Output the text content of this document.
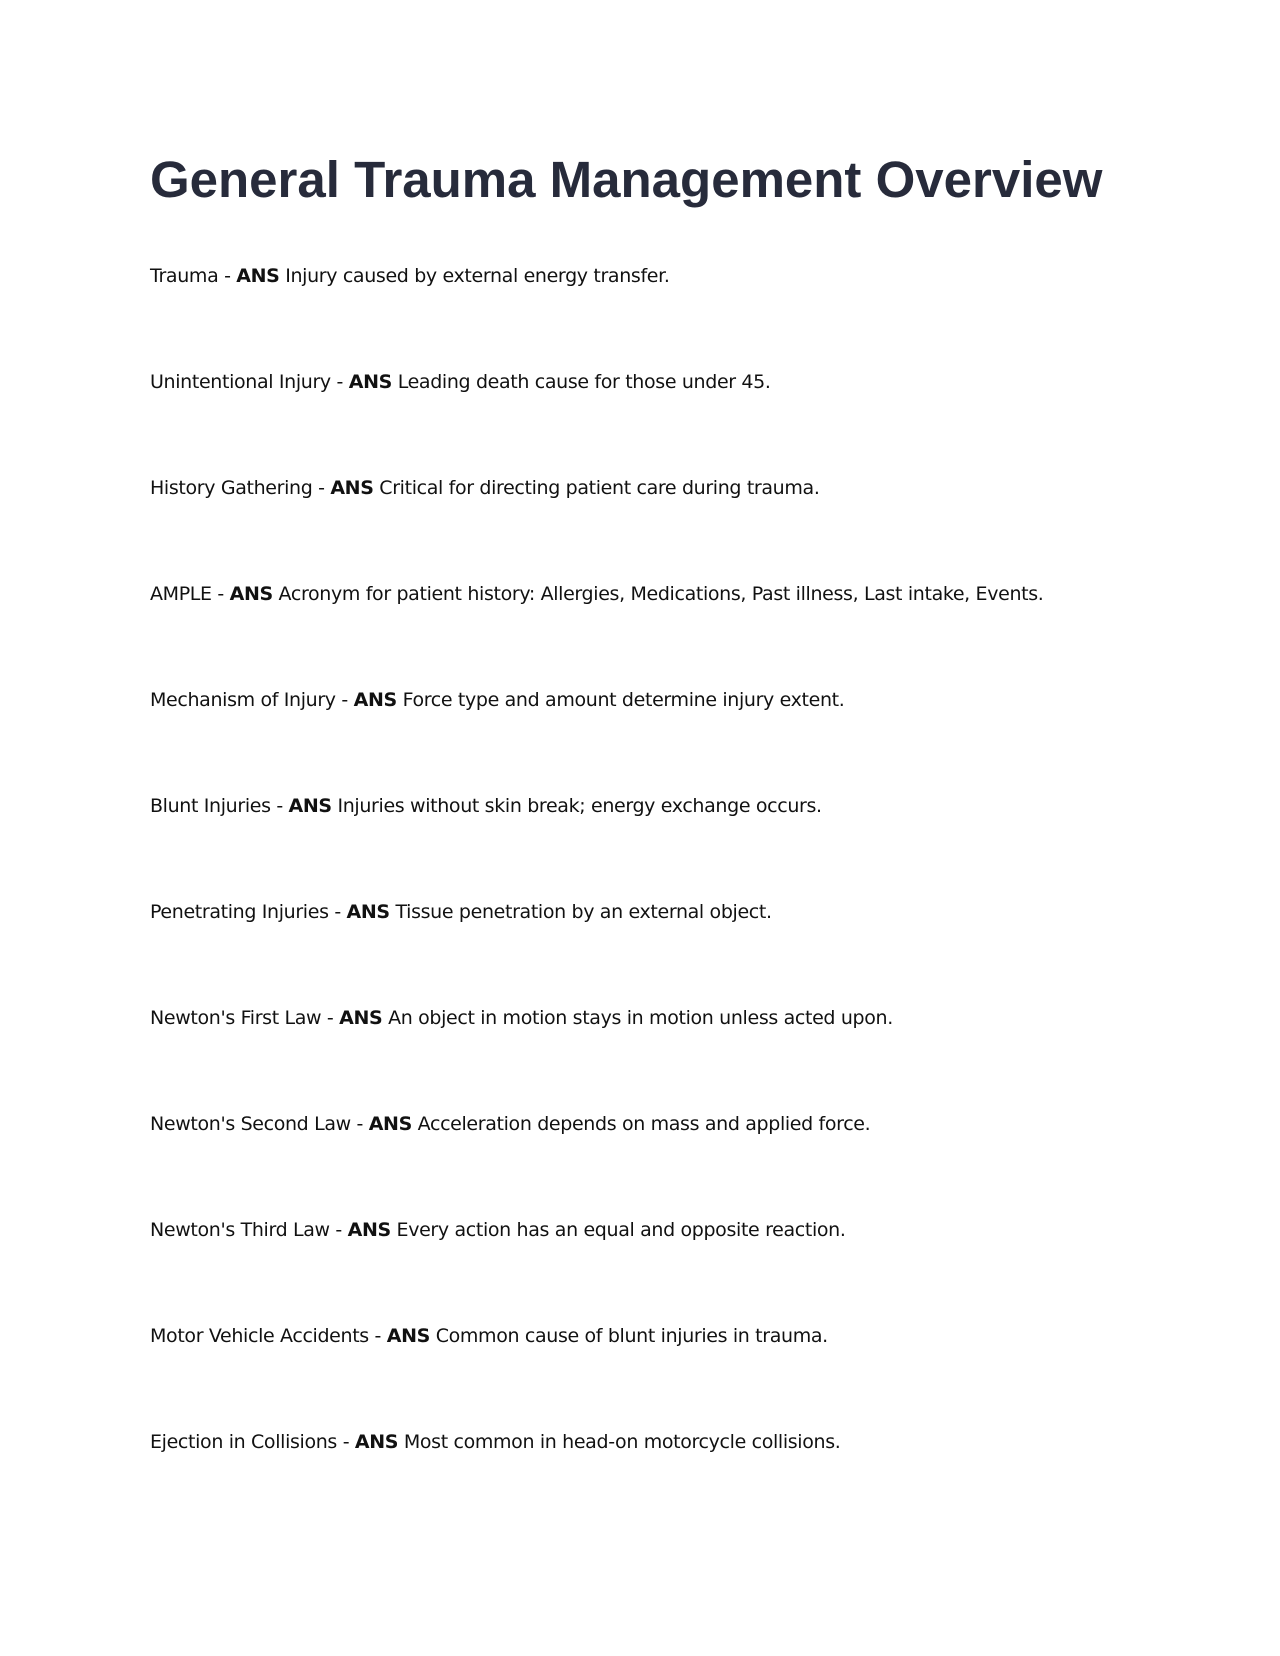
General Trauma Management Overview
Trauma - ANS Injury caused by external energy transfer.
Unintentional Injury - ANS Leading death cause for those under 45.
History Gathering - ANS Critical for directing patient care during trauma.
AMPLE - ANS Acronym for patient history: Allergies, Medications, Past illness, Last intake, Events.
Mechanism of Injury - ANS Force type and amount determine injury extent.
Blunt Injuries - ANS Injuries without skin break; energy exchange occurs.
Penetrating Injuries - ANS Tissue penetration by an external object.
Newton's First Law - ANS An object in motion stays in motion unless acted upon.
Newton's Second Law - ANS Acceleration depends on mass and applied force.
Newton's Third Law - ANS Every action has an equal and opposite reaction.
Motor Vehicle Accidents - ANS Common cause of blunt injuries in trauma.
Ejection in Collisions - ANS Most common in head-on motorcycle collisions.
